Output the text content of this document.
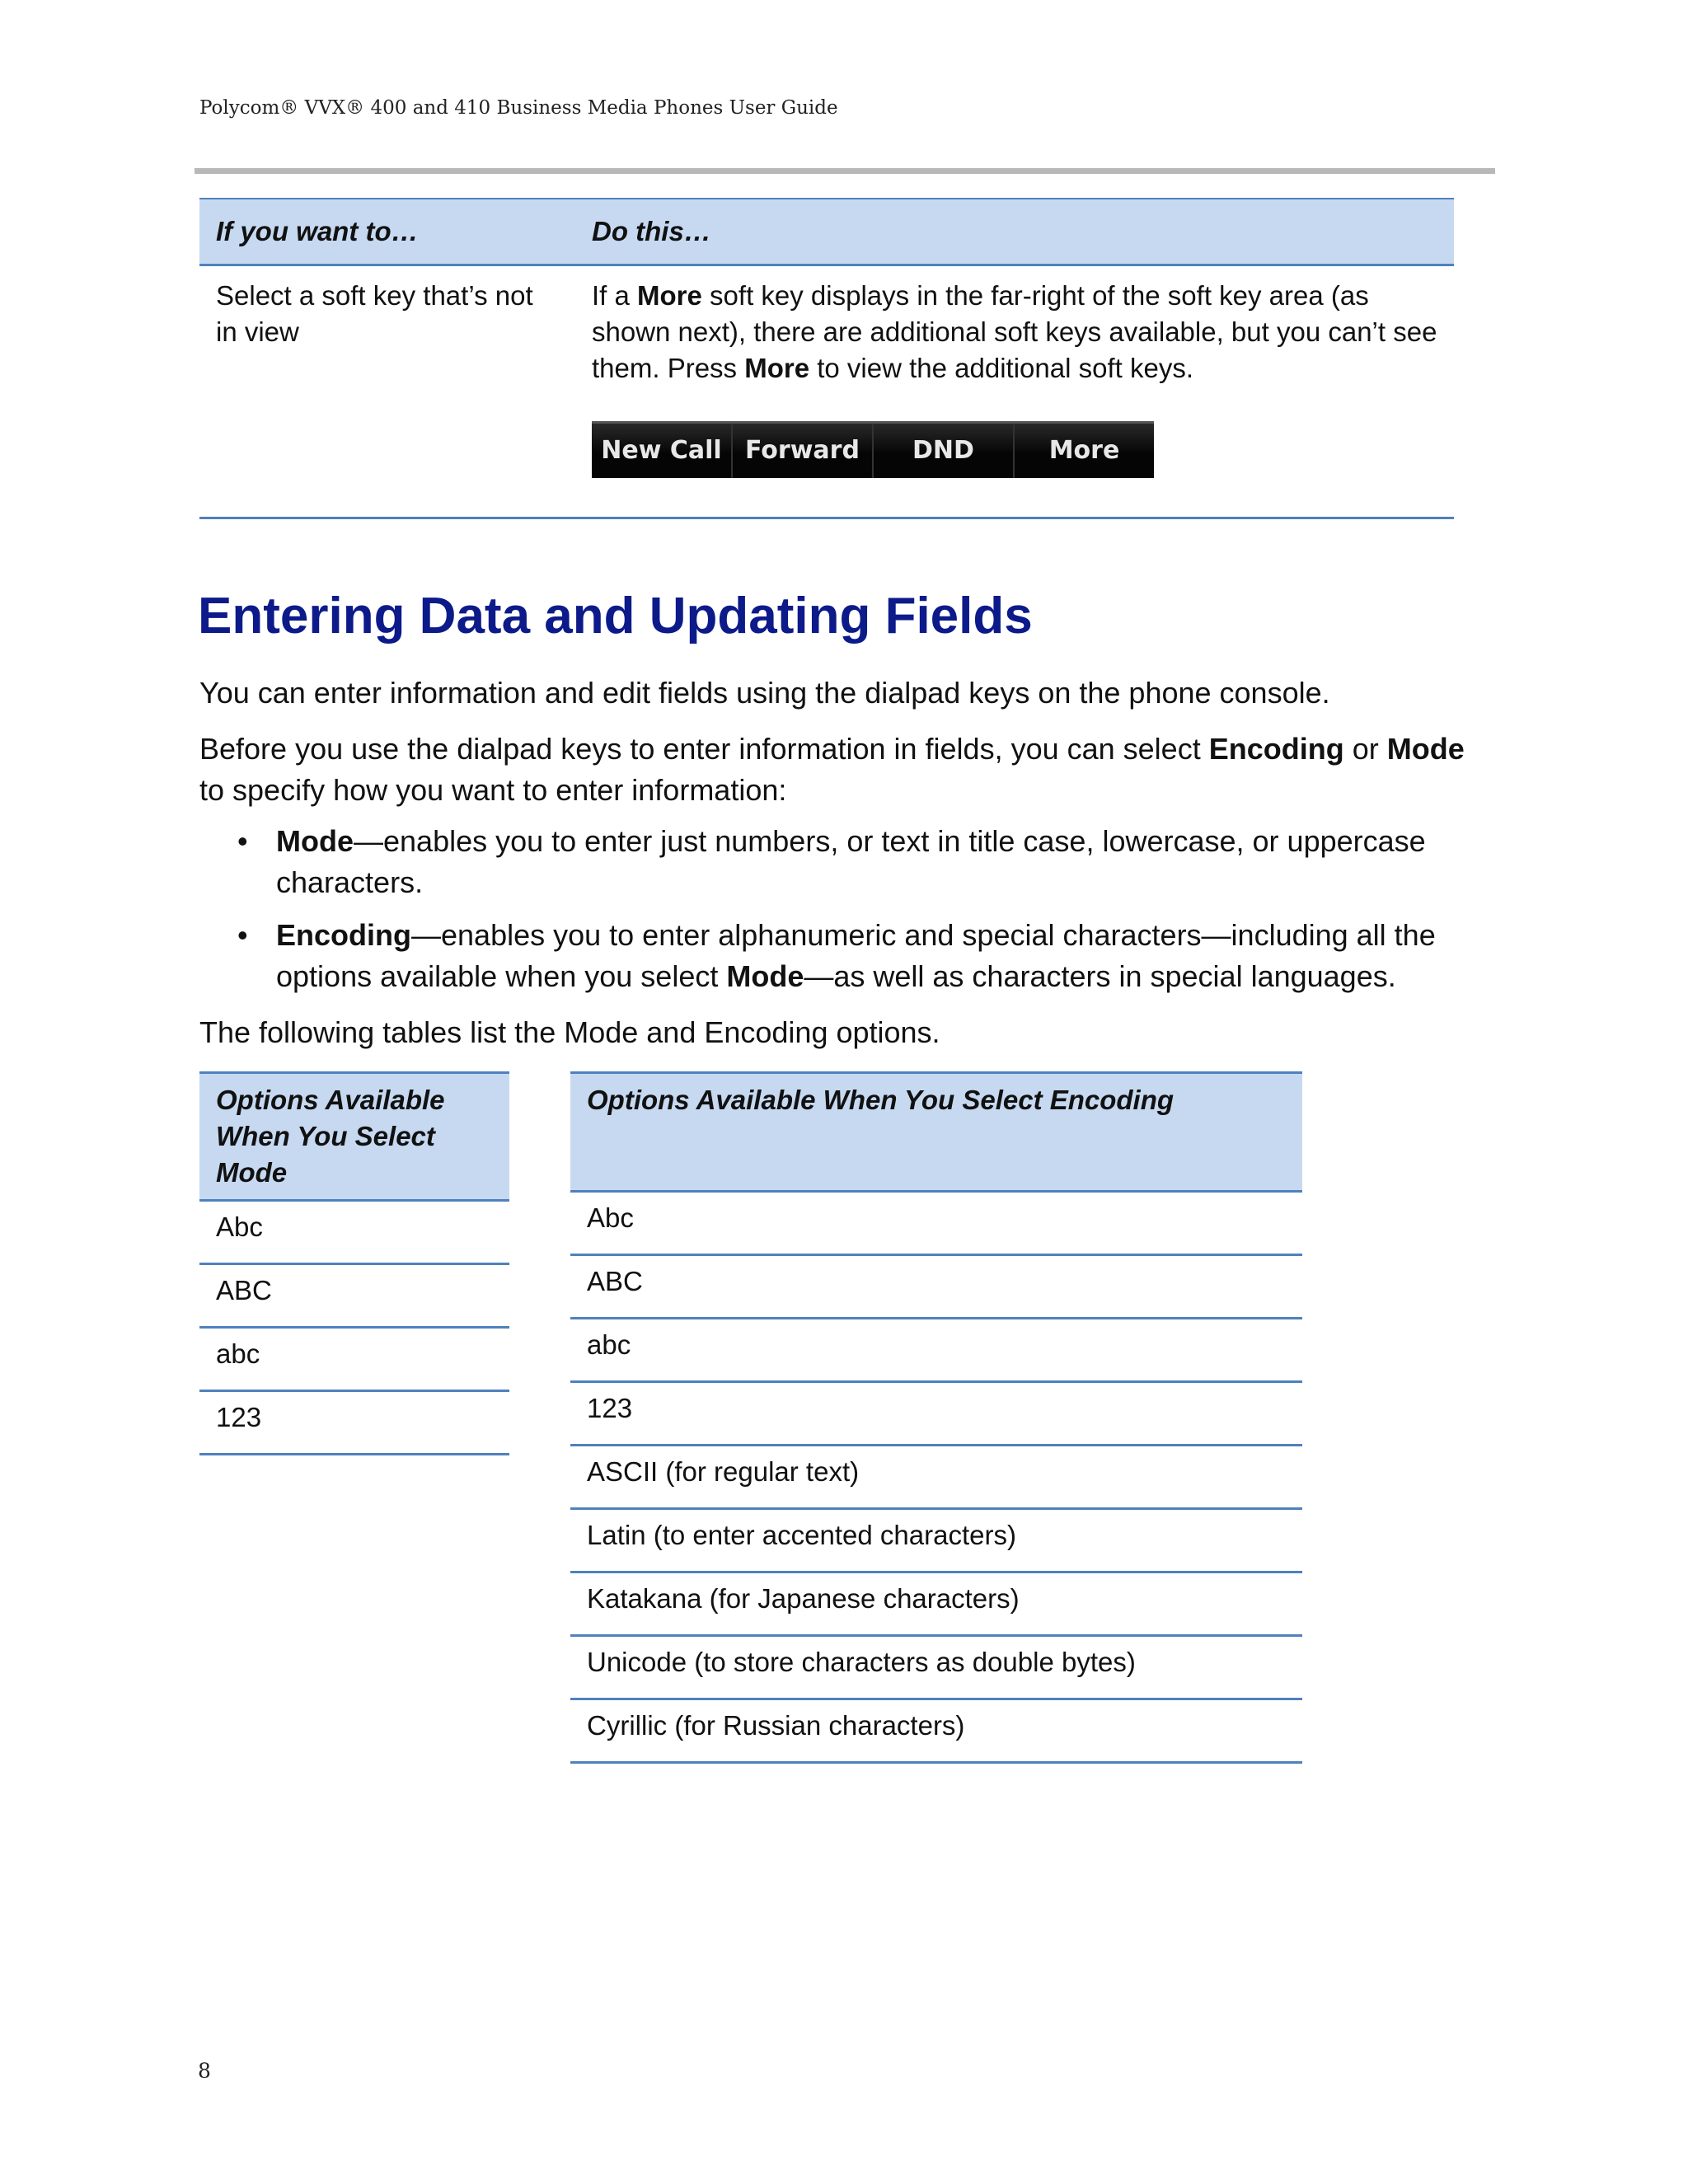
Polycom® VVX® 400 and 410 Business Media Phones User Guide
If you want to…	Do this…
Select a soft key that’s not in view	If a More soft key displays in the far-right of the soft key area (as shown next), there are additional soft keys available, but you can’t see them. Press More to view the additional soft keys.
New Call Forward DND More
Entering Data and Updating Fields

You can enter information and edit fields using the dialpad keys on the phone console.

Before you use the dialpad keys to enter information in fields, you can select Encoding or Mode to specify how you want to enter information:

• Mode—enables you to enter just numbers, or text in title case, lowercase, or uppercase characters.
• Encoding—enables you to enter alphanumeric and special characters—including all the options available when you select Mode—as well as characters in special languages.

The following tables list the Mode and Encoding options.

Options Available When You Select Mode
Abc
ABC
abc
123
Options Available When You Select Encoding
Abc
ABC
abc
123
ASCII (for regular text)
Latin (to enter accented characters)
Katakana (for Japanese characters)
Unicode (to store characters as double bytes)
Cyrillic (for Russian characters)
8
